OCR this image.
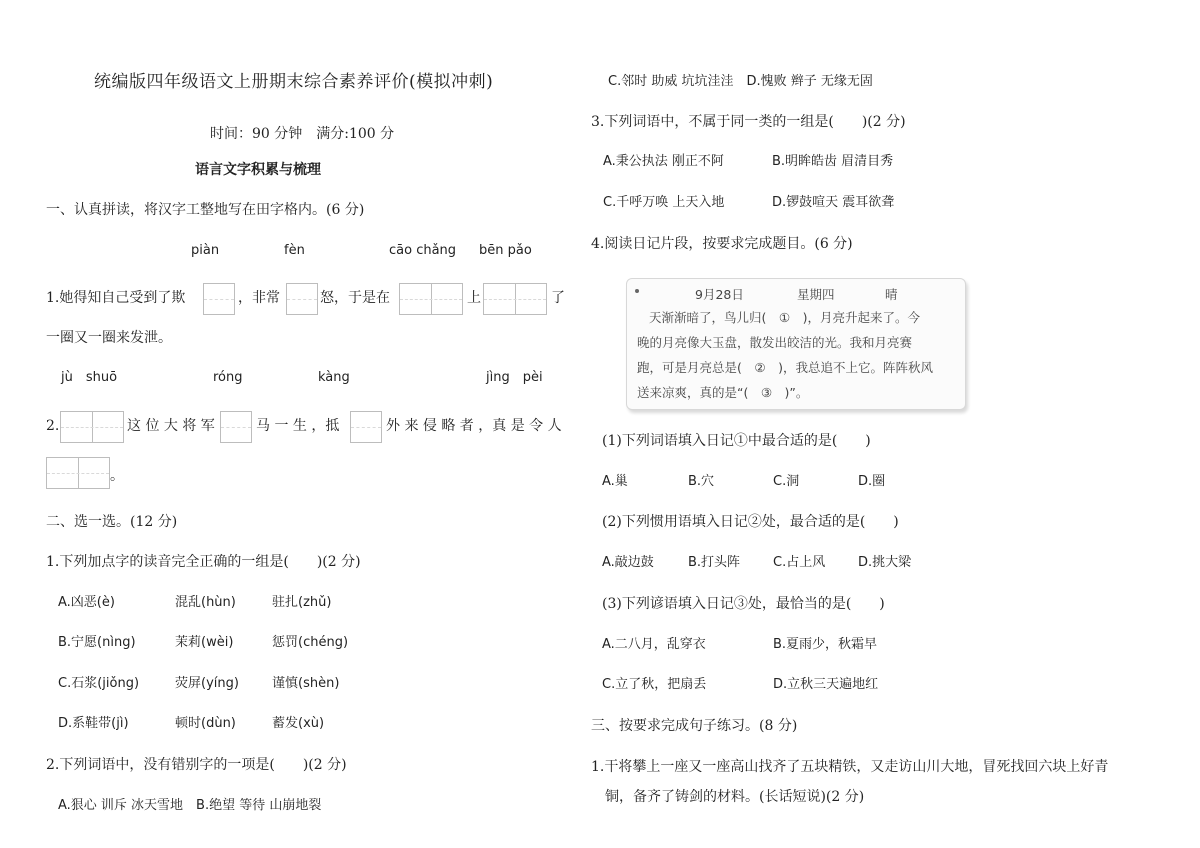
统编版四年级语文上册期末综合素养评价(模拟冲刺)
时间：90 分钟　满分:100 分
语言文字积累与梳理
一、认真拼读，将汉字工整地写在田字格内。(6 分)
piàn	fèn	cāo chǎng bēn pǎo
1.她得知自己受到了欺	，非常	怒，于是在	上	了
一圈又一圈来发泄。
jù　shuō	róng	kàng	jìng　pèi
2.	这 位 大 将 军	马 一 生 ，抵	外 来 侵 略 者 ，真 是 令 人
。
二、选一选。(12 分)
1.下列加点字的读音完全正确的一组是(　　)(2 分)
A.凶恶(è)	混乱(hùn)	驻扎(zhǔ)
B.宁愿(nìng)	茉莉(wèi)	惩罚(chéng)
C.石浆(jiǒng)	荧屏(yíng)	谨慎(shèn)
D.系鞋带(jì)	顿时(dùn)	蓄发(xù)
2.下列词语中，没有错别字的一项是(　　)(2 分)
A.狠心 训斥 冰天雪地　B.绝望 等待 山崩地裂
C.邻时 助威 坑坑洼洼　D.愧败 辫子 无缘无固
3.下列词语中，不属于同一类的一组是(　　)(2 分)
A.秉公执法 刚正不阿	B.明眸皓齿 眉清目秀
C.千呼万唤 上天入地	D.锣鼓喧天 震耳欲聋
4.阅读日记片段，按要求完成题目。(6 分)
9月28日	星期四	晴
天渐渐暗了，鸟儿归(　①　)，月亮升起来了。今
晚的月亮像大玉盘，散发出皎洁的光。我和月亮赛
跑，可是月亮总是(　②　)，我总追不上它。阵阵秋风
送来凉爽，真的是“(　③　)”。
(1)下列词语填入日记①中最合适的是(　　)
A.巢	B.穴	C.洞	D.圈
(2)下列惯用语填入日记②处，最合适的是(　　)
A.敲边鼓	B.打头阵	C.占上风	D.挑大梁
(3)下列谚语填入日记③处，最恰当的是(　　)
A.二八月，乱穿衣	B.夏雨少，秋霜早
C.立了秋，把扇丢	D.立秋三天遍地红
三、按要求完成句子练习。(8 分)
1.干将攀上一座又一座高山找齐了五块精铁，又走访山川大地，冒死找回六块上好青
铜，备齐了铸剑的材料。(长话短说)(2 分)
